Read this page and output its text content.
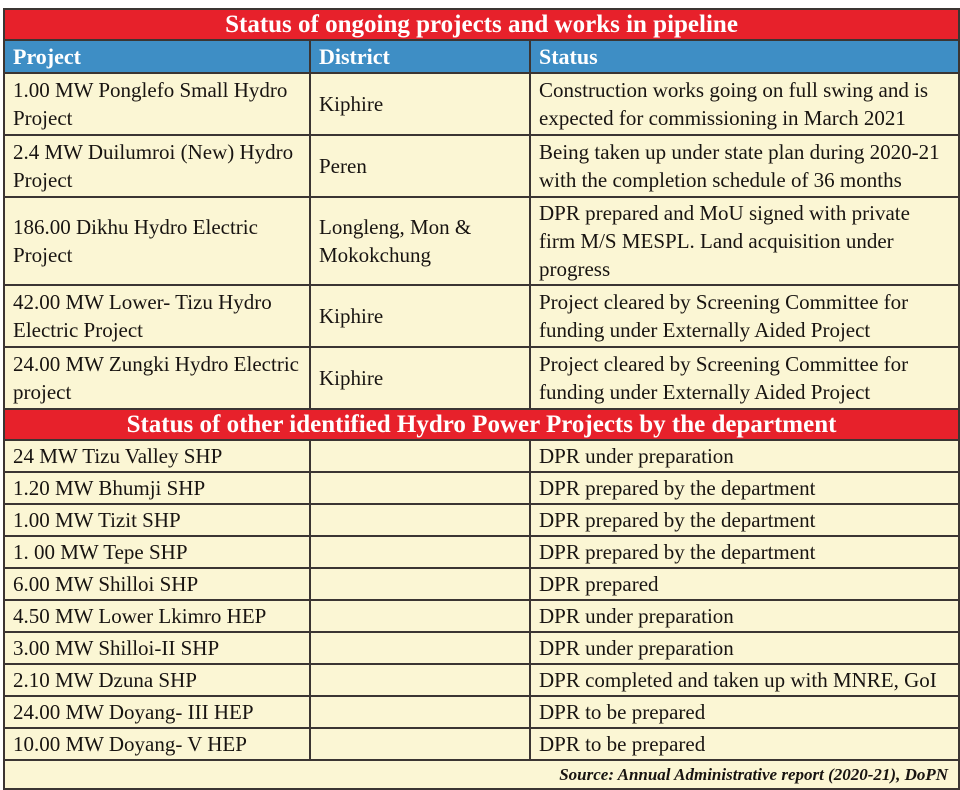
Status of ongoing projects and works in pipeline		
Project	District	Status
1.00 MW Ponglefo Small Hydro Project	Kiphire	Construction works going on full swing and is expected for commissioning in March 2021
2.4 MW Duilumroi (New) Hydro Project	Peren	Being taken up under state plan during 2020-21 with the completion schedule of 36 months
186.00 Dikhu Hydro Electric Project	Longleng, Mon & Mokokchung	DPR prepared and MoU signed with private firm M/S MESPL. Land acquisition under progress
42.00 MW Lower- Tizu Hydro Electric Project	Kiphire	Project cleared by Screening Committee for funding under Externally Aided Project
24.00 MW Zungki Hydro Electric project	Kiphire	Project cleared by Screening Committee for funding under Externally Aided Project
Status of other identified Hydro Power Projects by the department		
24 MW Tizu Valley SHP		DPR under preparation
1.20 MW Bhumji SHP		DPR prepared by the department
1.00 MW Tizit SHP		DPR prepared by the department
1. 00 MW Tepe SHP		DPR prepared by the department
6.00 MW Shilloi SHP		DPR prepared
4.50 MW Lower Lkimro HEP		DPR under preparation
3.00 MW Shilloi-II SHP		DPR under preparation
2.10 MW Dzuna SHP		DPR completed and taken up with MNRE, GoI
24.00 MW Doyang- III HEP		DPR to be prepared
10.00 MW Doyang- V HEP		DPR to be prepared
Source: Annual Administrative report (2020-21), DoPN		
